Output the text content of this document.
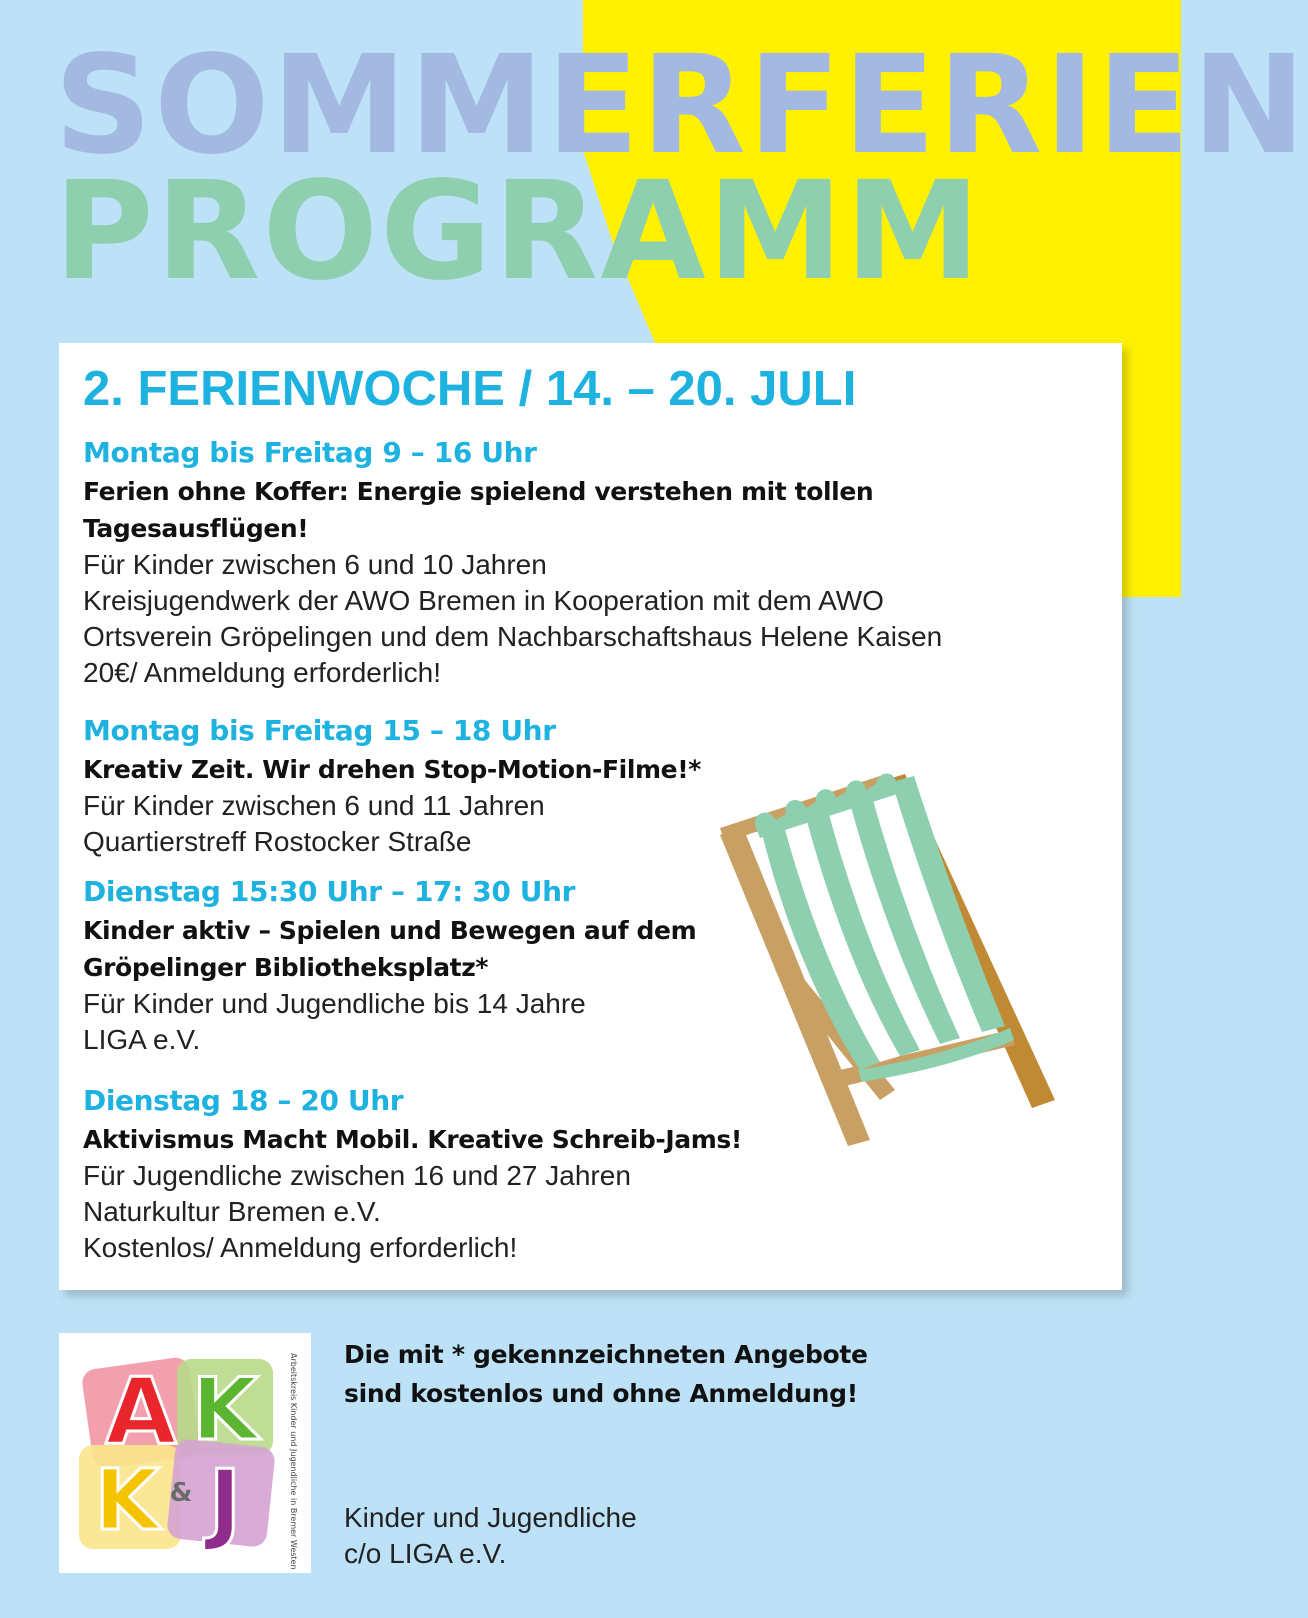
SOMMERFERIEN
PROGRAMM
2. FERIENWOCHE / 14. – 20. JULI
Montag bis Freitag 9 – 16 Uhr
Ferien ohne Koffer: Energie spielend verstehen mit tollen
Tagesausflügen!
Für Kinder zwischen 6 und 10 Jahren
Kreisjugendwerk der AWO Bremen in Kooperation mit dem AWO
Ortsverein Gröpelingen und dem Nachbarschaftshaus Helene Kaisen
20€/ Anmeldung erforderlich!
Montag bis Freitag 15 – 18 Uhr
Kreativ Zeit. Wir drehen Stop-Motion-Filme!*
Für Kinder zwischen 6 und 11 Jahren
Quartierstreff Rostocker Straße
Dienstag 15:30 Uhr – 17: 30 Uhr
Kinder aktiv – Spielen und Bewegen auf dem
Gröpelinger Bibliotheksplatz*
Für Kinder und Jugendliche bis 14 Jahre
LIGA e.V.
Dienstag 18 – 20 Uhr
Aktivismus Macht Mobil. Kreative Schreib-Jams!
Für Jugendliche zwischen 16 und 27 Jahren
Naturkultur Bremen e.V.
Kostenlos/ Anmeldung erforderlich!
A K
K & J	Arbeitskreis Kinder und Jugendliche in Bremer Westen Die mit * gekennzeichneten Angebote
sind kostenlos und ohne Anmeldung!
Kinder und Jugendliche
c/o LIGA e.V.
